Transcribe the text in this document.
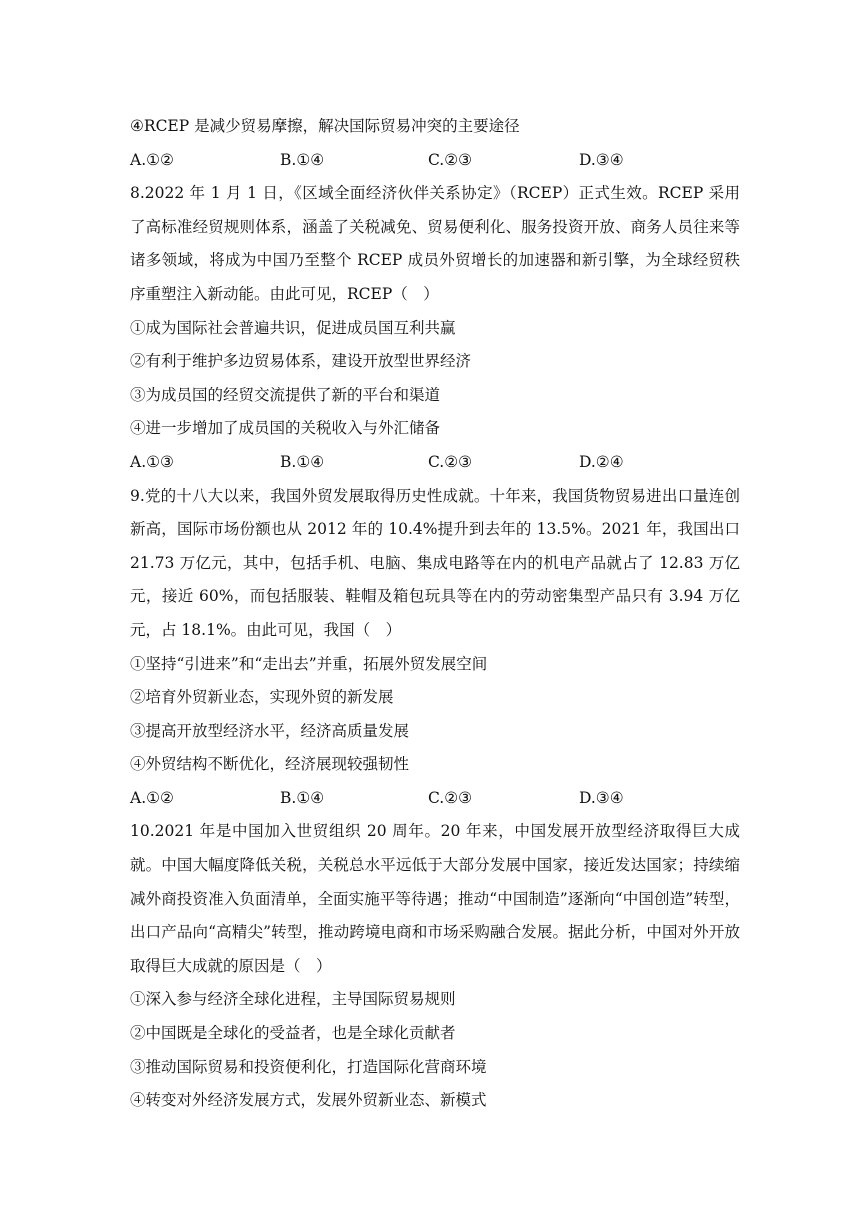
④RCEP 是减少贸易摩擦，解决国际贸易冲突的主要途径
A.①②	B.①④	C.②③	D.③④
8.2022 年 1 月 1 日，《区域全面经济伙伴关系协定》（RCEP）正式生效。RCEP 采用了高标准经贸规则体系，涵盖了关税减免、贸易便利化、服务投资开放、商务人员往来等诸多领域，将成为中国乃至整个 RCEP 成员外贸增长的加速器和新引擎，为全球经贸秩序重塑注入新动能。由此可见，RCEP（　）
①成为国际社会普遍共识，促进成员国互利共赢
②有利于维护多边贸易体系，建设开放型世界经济
③为成员国的经贸交流提供了新的平台和渠道
④进一步增加了成员国的关税收入与外汇储备
A.①③	B.①④	C.②③	D.②④
9.党的十八大以来，我国外贸发展取得历史性成就。十年来，我国货物贸易进出口量连创新高，国际市场份额也从 2012 年的 10.4%提升到去年的 13.5%。2021 年，我国出口 21.73 万亿元，其中，包括手机、电脑、集成电路等在内的机电产品就占了 12.83 万亿元，接近 60%，而包括服装、鞋帽及箱包玩具等在内的劳动密集型产品只有 3.94 万亿元，占 18.1%。由此可见，我国（　）
①坚持“引进来”和“走出去”并重，拓展外贸发展空间
②培育外贸新业态，实现外贸的新发展
③提高开放型经济水平，经济高质量发展
④外贸结构不断优化，经济展现较强韧性
A.①②	B.①④	C.②③	D.③④
10.2021 年是中国加入世贸组织 20 周年。20 年来，中国发展开放型经济取得巨大成就。中国大幅度降低关税，关税总水平远低于大部分发展中国家，接近发达国家；持续缩减外商投资准入负面清单，全面实施平等待遇；推动“中国制造”逐渐向“中国创造”转型，出口产品向“高精尖”转型，推动跨境电商和市场采购融合发展。据此分析，中国对外开放取得巨大成就的原因是（　）
①深入参与经济全球化进程，主导国际贸易规则
②中国既是全球化的受益者，也是全球化贡献者
③推动国际贸易和投资便利化，打造国际化营商环境
④转变对外经济发展方式，发展外贸新业态、新模式
